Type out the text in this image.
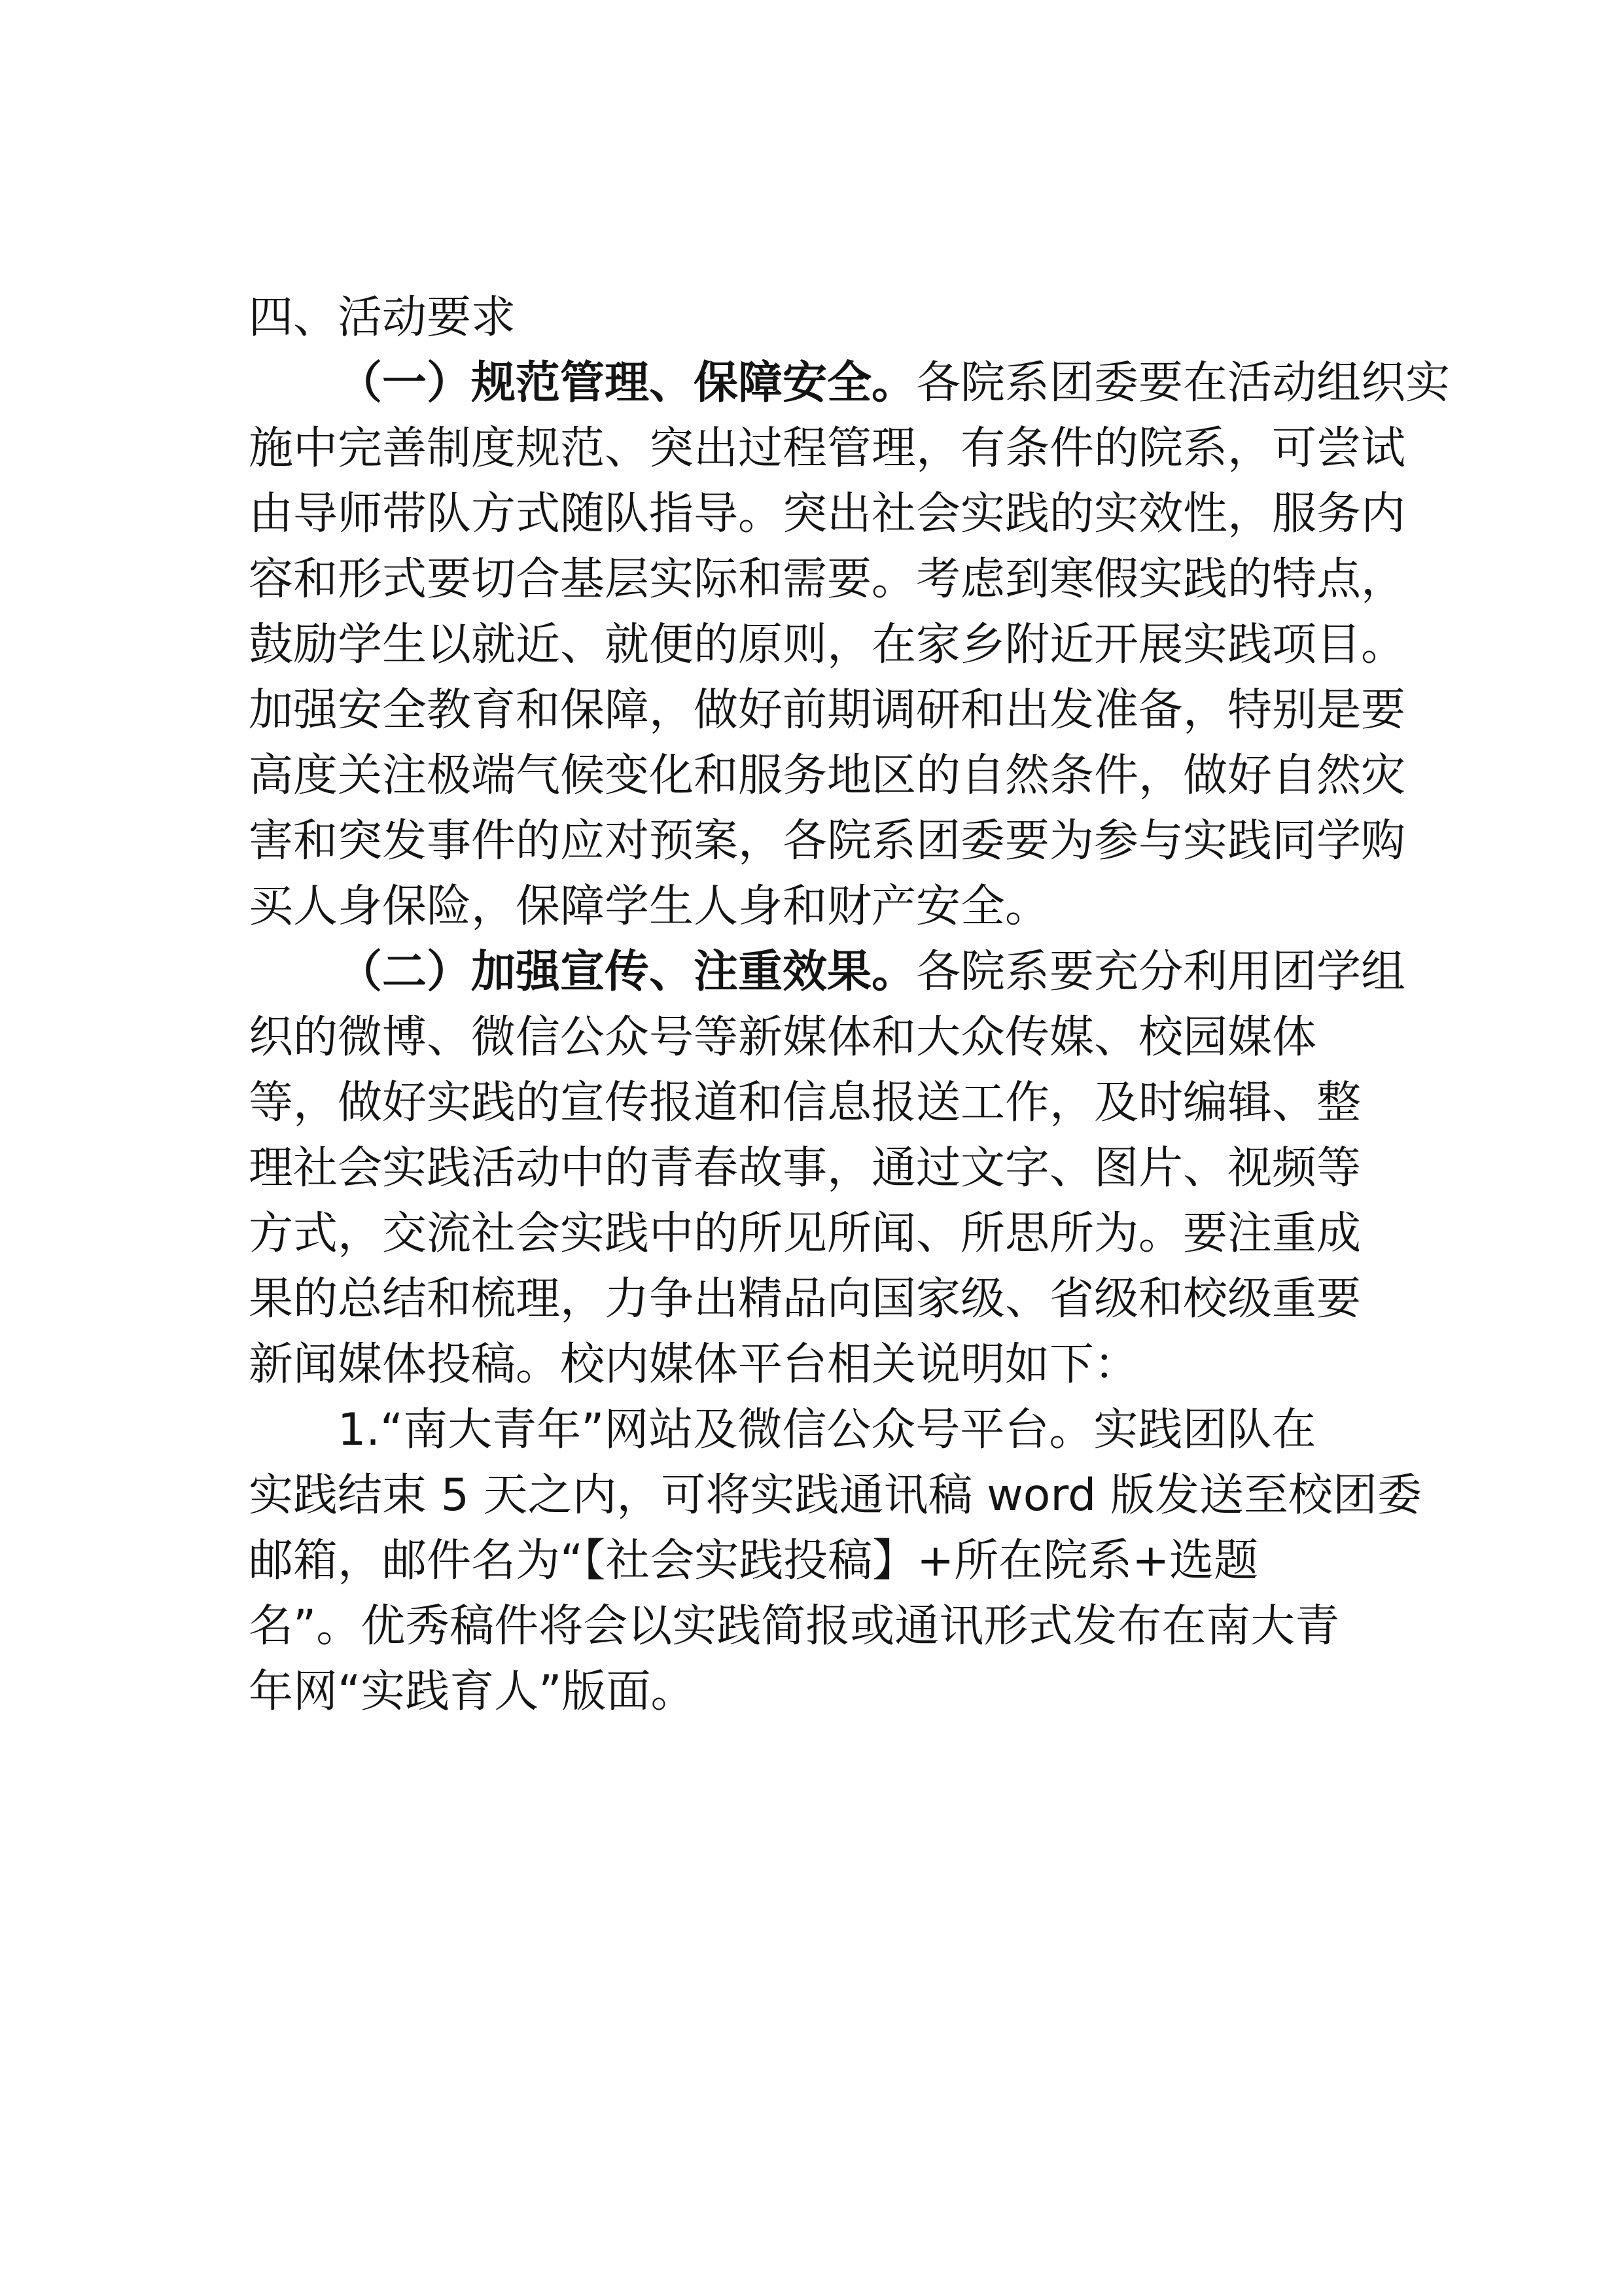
四、活动要求

（一）规范管理、保障安全。各院系团委要在活动组织实

施中完善制度规范、突出过程管理，有条件的院系，可尝试

由导师带队方式随队指导。突出社会实践的实效性，服务内

容和形式要切合基层实际和需要。考虑到寒假实践的特点，

鼓励学生以就近、就便的原则，在家乡附近开展实践项目。

加强安全教育和保障，做好前期调研和出发准备，特别是要

高度关注极端气候变化和服务地区的自然条件，做好自然灾

害和突发事件的应对预案，各院系团委要为参与实践同学购

买人身保险，保障学生人身和财产安全。

（二）加强宣传、注重效果。各院系要充分利用团学组

织的微博、微信公众号等新媒体和大众传媒、校园媒体

等，做好实践的宣传报道和信息报送工作，及时编辑、整

理社会实践活动中的青春故事，通过文字、图片、视频等

方式，交流社会实践中的所见所闻、所思所为。要注重成

果的总结和梳理，力争出精品向国家级、省级和校级重要

新闻媒体投稿。校内媒体平台相关说明如下：

1.“南大青年”网站及微信公众号平台。实践团队在

实践结束 5 天之内，可将实践通讯稿 word 版发送至校团委

邮箱，邮件名为“【社会实践投稿】+所在院系+选题

名”。优秀稿件将会以实践简报或通讯形式发布在南大青

年网“实践育人”版面。
